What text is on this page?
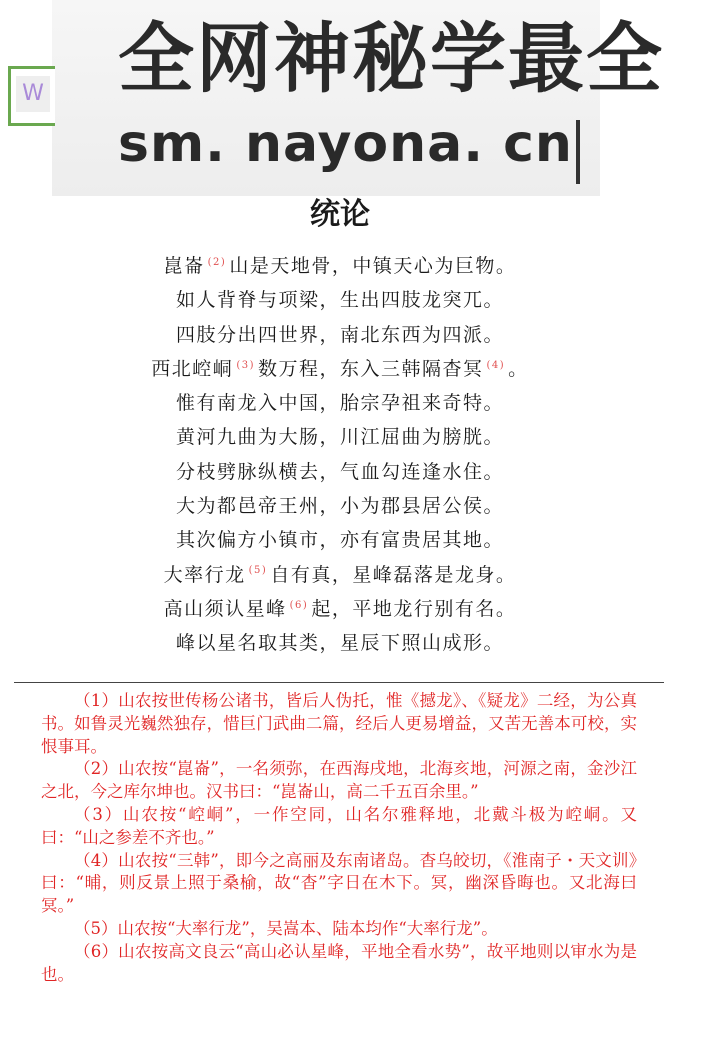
全网神秘学最全
sm. nayona. cn
W
统论
崑崙 $^{(2)}$ 山是天地骨，中镇天心为巨物。
如人背脊与项梁，生出四肢龙突兀。
四肢分出四世界，南北东西为四派。
西北崆峒 $^{(3)}$ 数万程，东入三韩隔杳冥 $^{(4)}$ 。
惟有南龙入中国，胎宗孕祖来奇特。
黄河九曲为大肠，川江屈曲为膀胱。
分枝劈脉纵横去，气血勾连逢水住。
大为都邑帝王州，小为郡县居公侯。
其次偏方小镇市，亦有富贵居其地。
大率行龙 $^{(5)}$ 自有真，星峰磊落是龙身。
高山须认星峰 $^{(6)}$ 起，平地龙行别有名。
峰以星名取其类，星辰下照山成形。

（1）山农按世传杨公诸书，皆后人伪托，惟《撼龙》、《疑龙》二经，为公真书。如鲁灵光巍然独存，惜巨门武曲二篇，经后人更易增益，又苦无善本可校，实恨事耳。

（2）山农按“崑崙”，一名须弥，在西海戌地，北海亥地，河源之南，金沙江之北，今之库尔坤也。汉书曰：“崑崙山，高二千五百余里。”

（3）山农按“崆峒”，一作空同，山名尔雅释地，北戴斗极为崆峒。又曰：“山之参差不齐也。”

（4）山农按“三韩”，即今之高丽及东南诸岛。杳乌皎切，《淮南子・天文训》曰：“晡，则反景上照于桑榆，故“杳”字日在木下。冥，幽深昏晦也。又北海曰冥。”

（5）山农按“大率行龙”，吴嵩本、陆本均作“大率行龙”。

（6）山农按高文良云“高山必认星峰，平地全看水势”，故平地则以审水为是也。
